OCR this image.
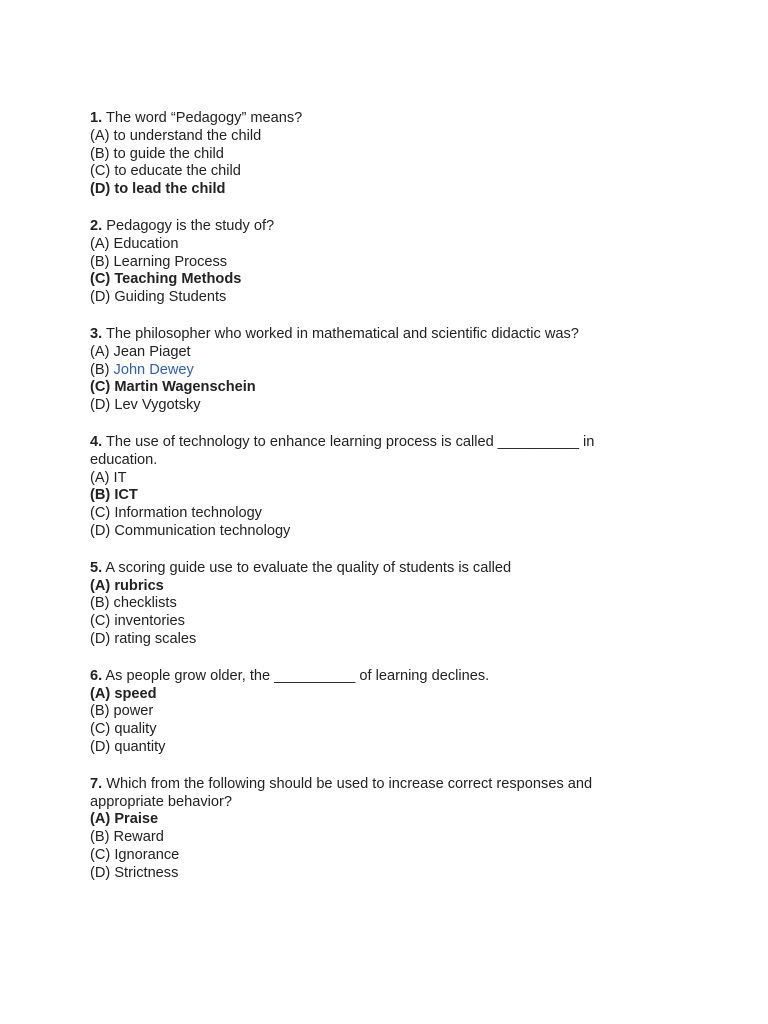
1. The word “Pedagogy” means?

(A) to understand the child

(B) to guide the child

(C) to educate the child

(D) to lead the child

2. Pedagogy is the study of?

(A) Education

(B) Learning Process

(C) Teaching Methods

(D) Guiding Students

3. The philosopher who worked in mathematical and scientific didactic was?

(A) Jean Piaget

(B) John Dewey

(C) Martin Wagenschein

(D) Lev Vygotsky

4. The use of technology to enhance learning process is called __________ in education.

(A) IT

(B) ICT

(C) Information technology

(D) Communication technology

5. A scoring guide use to evaluate the quality of students is called

(A) rubrics

(B) checklists

(C) inventories

(D) rating scales

6. As people grow older, the __________ of learning declines.

(A) speed

(B) power

(C) quality

(D) quantity

7. Which from the following should be used to increase correct responses and appropriate behavior?

(A) Praise

(B) Reward

(C) Ignorance

(D) Strictness
